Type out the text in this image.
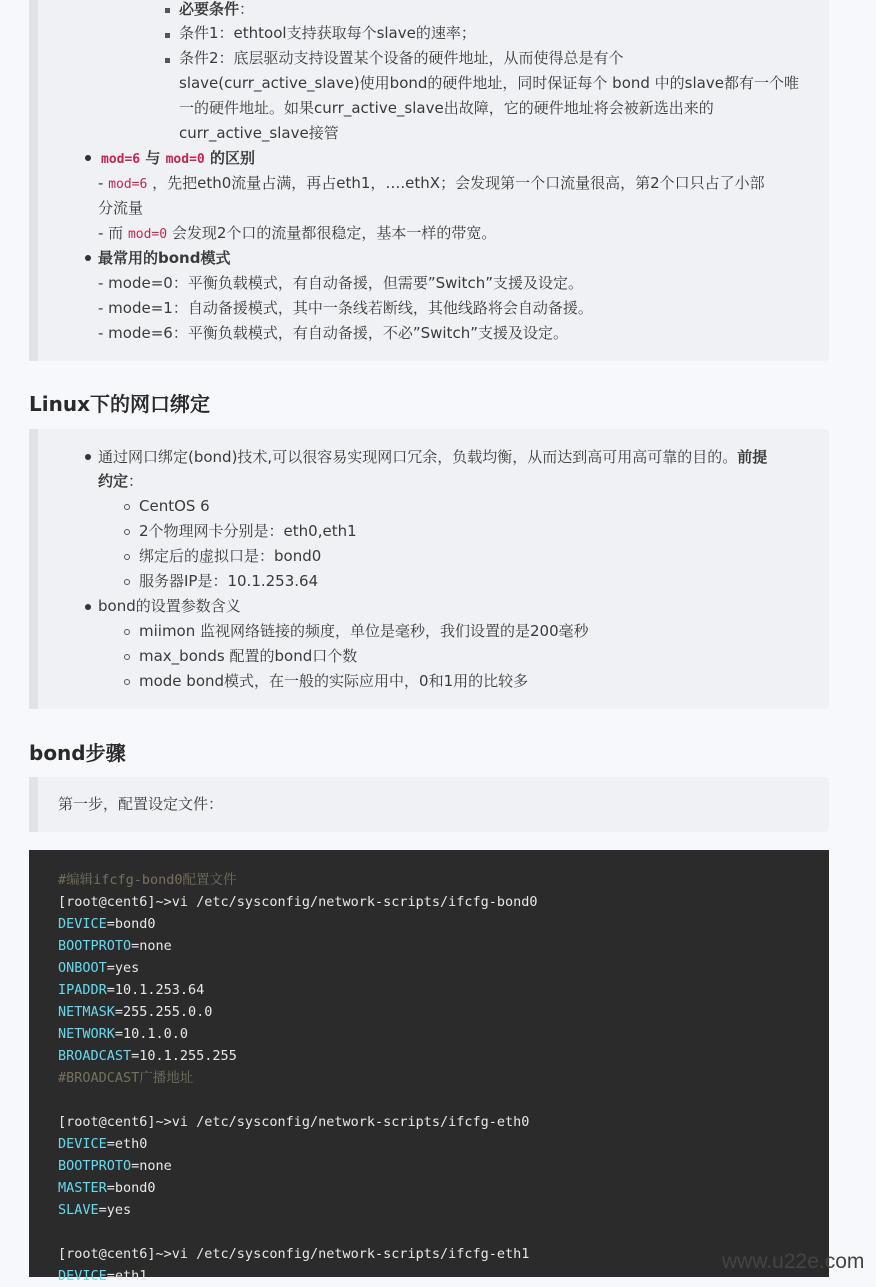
必要条件：
条件1：ethtool支持获取每个slave的速率；
条件2：底层驱动支持设置某个设备的硬件地址，从而使得总是有个
slave(curr_active_slave)使用bond的硬件地址，同时保证每个 bond 中的slave都有一个唯
一的硬件地址。如果curr_active_slave出故障，它的硬件地址将会被新选出来的
curr_active_slave接管
mod=6 与 mod=0 的区别
- mod=6 ，先把eth0流量占满，再占eth1，….ethX；会发现第一个口流量很高，第2个口只占了小部
分流量
- 而 mod=0 会发现2个口的流量都很稳定，基本一样的带宽。
最常用的bond模式
- mode=0：平衡负载模式，有自动备援，但需要”Switch”支援及设定。
- mode=1：自动备援模式，其中一条线若断线，其他线路将会自动备援。
- mode=6：平衡负载模式，有自动备援，不必”Switch”支援及设定。
Linux下的网口绑定
通过网口绑定(bond)技术,可以很容易实现网口冗余，负载均衡，从而达到高可用高可靠的目的。前提
约定：
CentOS 6
2个物理网卡分别是：eth0,eth1
绑定后的虚拟口是：bond0
服务器IP是：10.1.253.64
bond的设置参数含义
miimon 监视网络链接的频度，单位是毫秒，我们设置的是200毫秒
max_bonds 配置的bond口个数
mode bond模式，在一般的实际应用中，0和1用的比较多
bond步骤
第一步，配置设定文件：
#编辑ifcfg-bond0配置文件
[root@cent6]~>vi /etc/sysconfig/network-scripts/ifcfg-bond0
DEVICE=bond0
BOOTPROTO=none
ONBOOT=yes
IPADDR=10.1.253.64
NETMASK=255.255.0.0
NETWORK=10.1.0.0
BROADCAST=10.1.255.255
#BROADCAST广播地址
[root@cent6]~>vi /etc/sysconfig/network-scripts/ifcfg-eth0
DEVICE=eth0
BOOTPROTO=none
MASTER=bond0
SLAVE=yes
[root@cent6]~>vi /etc/sysconfig/network-scripts/ifcfg-eth1
DEVICE=eth1
www.u22e.com
